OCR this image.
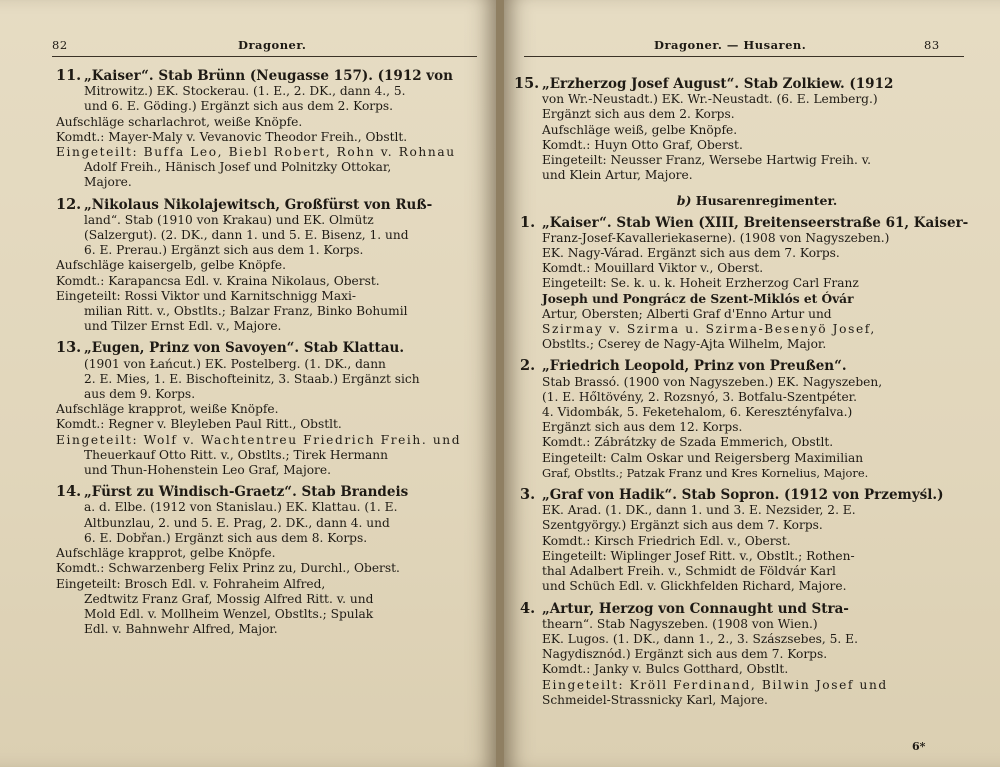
82	Dragoner.
11. „Kaiser“. Stab Brünn (Neugasse 157). (1912 von
Mitrowitz.) EK. Stockerau. (1. E., 2. DK., dann 4., 5.
und 6. E. Göding.) Ergänzt sich aus dem 2. Korps.
Aufschläge scharlachrot, weiße Knöpfe.
Komdt.: Mayer-Maly v. Vevanovic Theodor Freih., Obstlt.
Eingeteilt: Buffa Leo, Biebl Robert, Rohn v. Rohnau
Adolf Freih., Hänisch Josef und Polnitzky Ottokar,
Majore.
12. „Nikolaus Nikolajewitsch, Großfürst von Ruß-
land“. Stab (1910 von Krakau) und EK. Olmütz
(Salzergut). (2. DK., dann 1. und 5. E. Bisenz, 1. und
6. E. Prerau.) Ergänzt sich aus dem 1. Korps.
Aufschläge kaisergelb, gelbe Knöpfe.
Komdt.: Karapancsa Edl. v. Kraina Nikolaus, Oberst.
Eingeteilt: Rossi Viktor und Karnitschnigg Maxi-
milian Ritt. v., Obstlts.; Balzar Franz, Binko Bohumil
und Tilzer Ernst Edl. v., Majore.
13. „Eugen, Prinz von Savoyen“. Stab Klattau.
(1901 von Łańcut.) EK. Postelberg. (1. DK., dann
2. E. Mies, 1. E. Bischofteinitz, 3. Staab.) Ergänzt sich
aus dem 9. Korps.
Aufschläge krapprot, weiße Knöpfe.
Komdt.: Regner v. Bleyleben Paul Ritt., Obstlt.
Eingeteilt: Wolf v. Wachtentreu Friedrich Freih. und
Theuerkauf Otto Ritt. v., Obstlts.; Tirek Hermann
und Thun-Hohenstein Leo Graf, Majore.
14. „Fürst zu Windisch-Graetz“. Stab Brandeis
a. d. Elbe. (1912 von Stanislau.) EK. Klattau. (1. E.
Altbunzlau, 2. und 5. E. Prag, 2. DK., dann 4. und
6. E. Dobřan.) Ergänzt sich aus dem 8. Korps.
Aufschläge krapprot, gelbe Knöpfe.
Komdt.: Schwarzenberg Felix Prinz zu, Durchl., Oberst.
Eingeteilt: Brosch Edl. v. Fohraheim Alfred,
Zedtwitz Franz Graf, Mossig Alfred Ritt. v. und
Mold Edl. v. Mollheim Wenzel, Obstlts.; Spulak
Edl. v. Bahnwehr Alfred, Major.
Dragoner. — Husaren.	83
15. „Erzherzog Josef August“. Stab Zolkiew. (1912
von Wr.-Neustadt.) EK. Wr.-Neustadt. (6. E. Lemberg.)
Ergänzt sich aus dem 2. Korps.
Aufschläge weiß, gelbe Knöpfe.
Komdt.: Huyn Otto Graf, Oberst.
Eingeteilt: Neusser Franz, Wersebe Hartwig Freih. v.
und Klein Artur, Majore.
b) Husarenregimenter.
1. „Kaiser“. Stab Wien (XIII, Breitenseerstraße 61, Kaiser-
Franz-Josef-Kavalleriekaserne). (1908 von Nagyszeben.)
EK. Nagy-Várad. Ergänzt sich aus dem 7. Korps.
Komdt.: Mouillard Viktor v., Oberst.
Eingeteilt: Se. k. u. k. Hoheit Erzherzog Carl Franz
Joseph und Pongrácz de Szent-Miklós et Óvár
Artur, Obersten; Alberti Graf d'Enno Artur und
Szirmay v. Szirma u. Szirma-Besenyö Josef,
Obstlts.; Cserey de Nagy-Ajta Wilhelm, Major.
2. „Friedrich Leopold, Prinz von Preußen“.
Stab Brassó. (1900 von Nagyszeben.) EK. Nagyszeben,
(1. E. Hőltövény, 2. Rozsnyó, 3. Botfalu-Szentpéter.
4. Vidombák, 5. Feketehalom, 6. Keresztényfalva.)
Ergänzt sich aus dem 12. Korps.
Komdt.: Zábrátzky de Szada Emmerich, Obstlt.
Eingeteilt: Calm Oskar und Reigersberg Maximilian
Graf, Obstlts.; Patzak Franz und Kres Kornelius, Majore.
3. „Graf von Hadik“. Stab Sopron. (1912 von Przemyśl.)
EK. Arad. (1. DK., dann 1. und 3. E. Nezsider, 2. E.
Szentgyörgy.) Ergänzt sich aus dem 7. Korps.
Komdt.: Kirsch Friedrich Edl. v., Oberst.
Eingeteilt: Wiplinger Josef Ritt. v., Obstlt.; Rothen-
thal Adalbert Freih. v., Schmidt de Földvár Karl
und Schüch Edl. v. Glickhfelden Richard, Majore.
4. „Artur, Herzog von Connaught und Stra-
thearn“. Stab Nagyszeben. (1908 von Wien.)
EK. Lugos. (1. DK., dann 1., 2., 3. Szászsebes, 5. E.
Nagydisznód.) Ergänzt sich aus dem 7. Korps.
Komdt.: Janky v. Bulcs Gotthard, Obstlt.
Eingeteilt: Kröll Ferdinand, Bilwin Josef und
Schmeidel-Strassnicky Karl, Majore.
6*
